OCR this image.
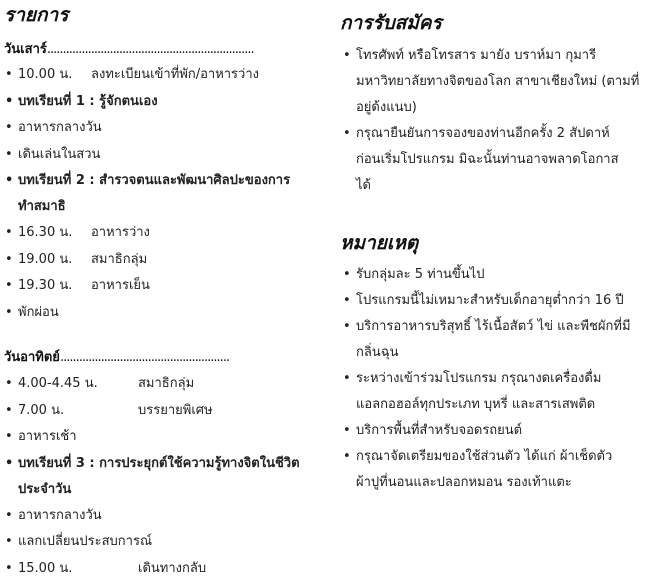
รายการ

วันเสาร์..................................................................

• 10.00 น. ลงทะเบียนเข้าที่พัก/อาหารว่าง
• บทเรียนที่ 1 : รู้จักตนเอง
• อาหารกลางวัน
• เดินเล่นในสวน
• บทเรียนที่ 2 : สำรวจตนและพัฒนาศิลปะของการทำสมาธิ
• 16.30 น. อาหารว่าง
• 19.00 น. สมาธิกลุ่ม
• 19.30 น. อาหารเย็น
• พักผ่อน

วันอาทิตย์......................................................

• 4.00-4.45 น.	สมาธิกลุ่ม
• 7.00 น.	บรรยายพิเศษ
• อาหารเช้า
• บทเรียนที่ 3 : การประยุกต์ใช้ความรู้ทางจิตในชีวิตประจำวัน
• อาหารกลางวัน
• แลกเปลี่ยนประสบการณ์
• 15.00 น.	เดินทางกลับ
การรับสมัคร
• โทรศัพท์ หรือโทรสาร มายัง บราห์มา กุมารี มหาวิทยาลัยทางจิตของโลก สาขาเชียงใหม่ (ตามที่อยู่ด้งแนบ)
• กรุณายืนยันการจองของท่านอีกครั้ง 2 สัปดาห์ก่อนเริ่มโปรแกรม มิฉะนั้นท่านอาจพลาดโอกาสได้
หมายเหตุ
• รับกลุ่มละ 5 ท่านขึ้นไป
• โปรแกรมนี้ไม่เหมาะสำหรับเด็กอายุต่ำกว่า 16 ปี
• บริการอาหารบริสุทธิ์ ไร้เนื้อสัตว์ ไข่ และพืชผักที่มีกลิ่นฉุน
• ระหว่างเข้าร่วมโปรแกรม กรุณางดเครื่องดื่มแอลกอฮอล์ทุกประเภท บุหรี่ และสารเสพติด
• บริการพื้นที่สำหรับจอดรถยนต์
• กรุณาจัดเตรียมของใช้ส่วนตัว ได้แก่ ผ้าเช็ดตัว ผ้าปูที่นอนและปลอกหมอน รองเท้าแตะ
